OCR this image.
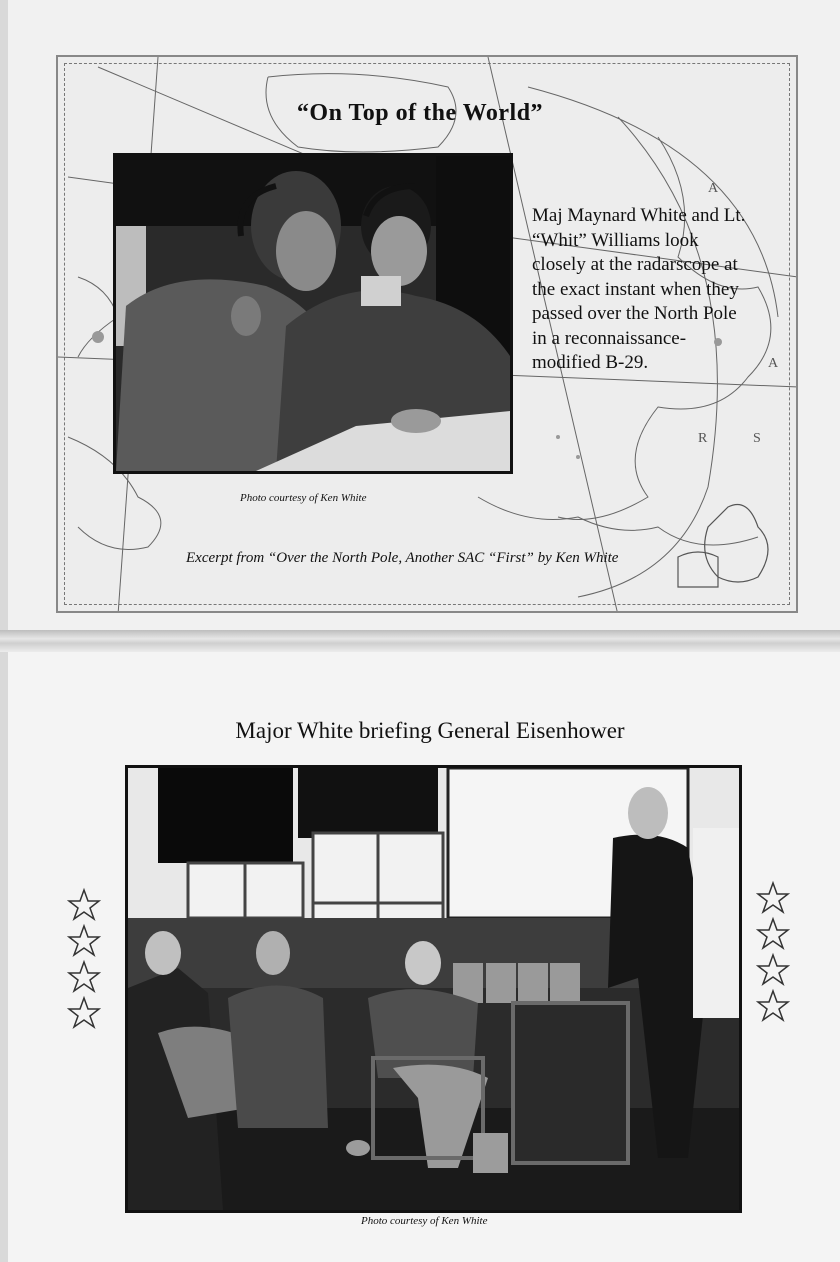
A
A
R	S
“On Top of the World”
Maj Maynard White and Lt. “Whit” Williams look closely at the radarscope at the exact instant when they passed over the North Pole in a reconnaissance-modified B-29.
Photo courtesy of Ken White
Excerpt from “Over the North Pole, Another SAC “First” by Ken White
Major White briefing General Eisenhower
Photo courtesy of Ken White
